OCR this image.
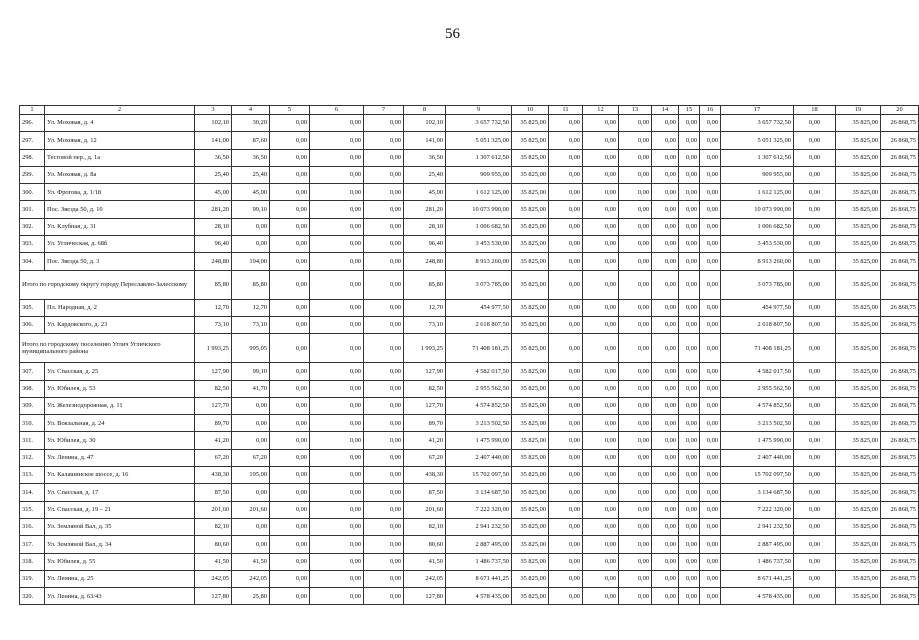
56
1	2	3	4	5	6	7	8	9	10	11	12	13	14	15	16	17	18	19	20
296.	Ул. Моховая, д. 4	102,10	30,20	0,00	0,00	0,00	102,10	3 657 732,50	35 825,00	0,00	0,00	0,00	0,00	0,00	0,00	3 657 732,50	0,00	35 825,00	26 868,75
297.	Ул. Моховая, д. 12	141,00	87,60	0,00	0,00	0,00	141,00	5 051 325,00	35 825,00	0,00	0,00	0,00	0,00	0,00	0,00	5 051 325,00	0,00	35 825,00	26 868,75
298.	Тесговой пер., д. 1а	36,50	36,50	0,00	0,00	0,00	36,50	1 307 612,50	35 825,00	0,00	0,00	0,00	0,00	0,00	0,00	1 307 612,50	0,00	35 825,00	26 868,75
299.	Ул. Моховая, д. 8а	25,40	25,40	0,00	0,00	0,00	25,40	909 955,00	35 825,00	0,00	0,00	0,00	0,00	0,00	0,00	909 955,00	0,00	35 825,00	26 868,75
300.	Ул. Фрогова, д. 1/18	45,00	45,00	0,00	0,00	0,00	45,00	1 612 125,00	35 825,00	0,00	0,00	0,00	0,00	0,00	0,00	1 612 125,00	0,00	35 825,00	26 868,75
301.	Пос. Звезда 50, д. 10	281,20	99,10	0,00	0,00	0,00	281,20	10 073 990,00	35 825,00	0,00	0,00	0,00	0,00	0,00	0,00	10 073 990,00	0,00	35 825,00	26 868,75
302.	Ул. Клубная, д. 31	28,10	0,00	0,00	0,00	0,00	28,10	1 006 682,50	35 825,00	0,00	0,00	0,00	0,00	0,00	0,00	1 006 682,50	0,00	35 825,00	26 868,75
303.	Ул. Углическая, д. 68б	96,40	0,00	0,00	0,00	0,00	96,40	3 453 530,00	35 825,00	0,00	0,00	0,00	0,00	0,00	0,00	3 453 530,00	0,00	35 825,00	26 868,75
304.	Пос. Звезда 50, д. 3	248,80	194,00	0,00	0,00	0,00	248,80	8 913 260,00	35 825,00	0,00	0,00	0,00	0,00	0,00	0,00	8 913 260,00	0,00	35 825,00	26 868,75
Итого по городскому округу городу Переславлю-Залесскому		85,80	85,80	0,00	0,00	0,00	85,80	3 073 785,00	35 825,00	0,00	0,00	0,00	0,00	0,00	0,00	3 073 785,00	0,00	35 825,00	26 868,75
305.	Пл. Народная, д. 2	12,70	12,70	0,00	0,00	0,00	12,70	454 977,50	35 825,00	0,00	0,00	0,00	0,00	0,00	0,00	454 977,50	0,00	35 825,00	26 868,75
306.	Ул. Кардовского, д. 23	73,10	73,10	0,00	0,00	0,00	73,10	2 618 807,50	35 825,00	0,00	0,00	0,00	0,00	0,00	0,00	2 618 807,50	0,00	35 825,00	26 868,75
Итого по городскому поселению Углич Угличского муниципального района		1 993,25	995,05	0,00	0,00	0,00	1 993,25	71 408 181,25	35 825,00	0,00	0,00	0,00	0,00	0,00	0,00	71 408 181,25	0,00	35 825,00	26 868,75
307.	Ул. Спасская, д. 25	127,90	99,10	0,00	0,00	0,00	127,90	4 582 017,50	35 825,00	0,00	0,00	0,00	0,00	0,00	0,00	4 582 017,50	0,00	35 825,00	26 868,75
308.	Ул. Юбилея, д. 53	82,50	41,70	0,00	0,00	0,00	82,50	2 955 562,50	35 825,00	0,00	0,00	0,00	0,00	0,00	0,00	2 955 562,50	0,00	35 825,00	26 868,75
309.	Ул. Железнодорожная, д. 11	127,70	0,00	0,00	0,00	0,00	127,70	4 574 852,50	35 825,00	0,00	0,00	0,00	0,00	0,00	0,00	4 574 852,50	0,00	35 825,00	26 868,75
310.	Ул. Вокзальная, д. 24	89,70	0,00	0,00	0,00	0,00	89,70	3 213 502,50	35 825,00	0,00	0,00	0,00	0,00	0,00	0,00	3 213 502,50	0,00	35 825,00	26 868,75
311.	Ул. Юбилея, д. 30	41,20	0,00	0,00	0,00	0,00	41,20	1 475 990,00	35 825,00	0,00	0,00	0,00	0,00	0,00	0,00	1 475 990,00	0,00	35 825,00	26 868,75
312.	Ул. Ленина, д. 47	67,20	67,20	0,00	0,00	0,00	67,20	2 407 440,00	35 825,00	0,00	0,00	0,00	0,00	0,00	0,00	2 407 440,00	0,00	35 825,00	26 868,75
313.	Ул. Калашинское шоссе, д. 16	438,30	195,00	0,00	0,00	0,00	438,30	15 702 097,50	35 825,00	0,00	0,00	0,00	0,00	0,00	0,00	15 702 097,50	0,00	35 825,00	26 868,75
314.	Ул. Спасская, д. 17	87,50	0,00	0,00	0,00	0,00	87,50	3 134 687,50	35 825,00	0,00	0,00	0,00	0,00	0,00	0,00	3 134 687,50	0,00	35 825,00	26 868,75
315.	Ул. Спасская, д. 19 – 21	201,60	201,60	0,00	0,00	0,00	201,60	7 222 320,00	35 825,00	0,00	0,00	0,00	0,00	0,00	0,00	7 222 320,00	0,00	35 825,00	26 868,75
316.	Ул. Земляной Вал, д. 35	82,10	0,00	0,00	0,00	0,00	82,10	2 941 232,50	35 825,00	0,00	0,00	0,00	0,00	0,00	0,00	2 941 232,50	0,00	35 825,00	26 868,75
317.	Ул. Земляной Вал, д. 34	80,60	0,00	0,00	0,00	0,00	80,60	2 887 495,00	35 825,00	0,00	0,00	0,00	0,00	0,00	0,00	2 887 495,00	0,00	35 825,00	26 868,75
318.	Ул. Юбилея, д. 55	41,50	41,50	0,00	0,00	0,00	41,50	1 486 737,50	35 825,00	0,00	0,00	0,00	0,00	0,00	0,00	1 486 737,50	0,00	35 825,00	26 868,75
319.	Ул. Ленина, д. 25	242,05	242,05	0,00	0,00	0,00	242,05	8 671 441,25	35 825,00	0,00	0,00	0,00	0,00	0,00	0,00	8 671 441,25	0,00	35 825,00	26 868,75
320.	Ул. Ленина, д. 63/43	127,80	25,80	0,00	0,00	0,00	127,80	4 578 435,00	35 825,00	0,00	0,00	0,00	0,00	0,00	0,00	4 578 435,00	0,00	35 825,00	26 868,75
